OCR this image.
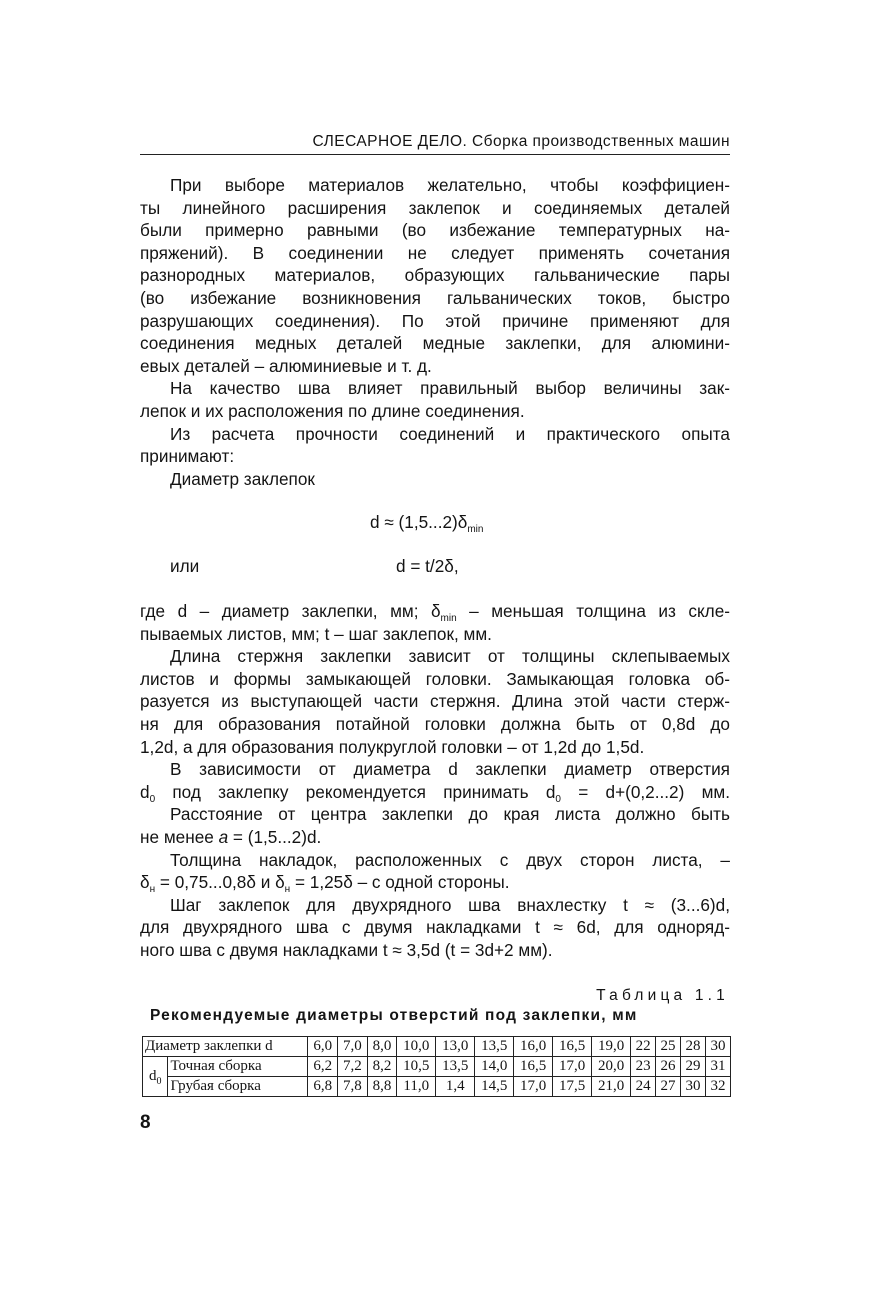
СЛЕСАРНОЕ ДЕЛО. Сборка производственных машин

При выборе материалов желательно, чтобы коэффициен-

ты линейного расширения заклепок и соединяемых деталей

были примерно равными (во избежание температурных на-

пряжений). В соединении не следует применять сочетания

разнородных материалов, образующих гальванические пары

(во избежание возникновения гальванических токов, быстро

разрушающих соединения). По этой причине применяют для

соединения медных деталей медные заклепки, для алюмини-

евых деталей – алюминиевые и т. д.

На качество шва влияет правильный выбор величины зак-

лепок и их расположения по длине соединения.

Из расчета прочности соединений и практического опыта

принимают:

Диаметр заклепок

$d \approx (1,5...2)\delta_{min}$
или	d = t/2δ,

где d – диаметр заклепки, мм; $\delta_{min}$ – меньшая толщина из скле-

пываемых листов, мм; t – шаг заклепок, мм.

Длина стержня заклепки зависит от толщины склепываемых

листов и формы замыкающей головки. Замыкающая головка об-

разуется из выступающей части стержня. Длина этой части стерж-

ня для образования потайной головки должна быть от 0,8d до

1,2d, а для образования полукруглой головки – от 1,2d до 1,5d.

В зависимости от диаметра d заклепки диаметр отверстия

$d_0$ под заклепку рекомендуется принимать $d_0 = d+(0,2...2)$ мм.

Расстояние от центра заклепки до края листа должно быть

не менее a = (1,5...2)d.

Толщина накладок, расположенных с двух сторон листа, –

$\delta_н = 0,75...0,8\delta$ и $\delta_н = 1,25\delta - с$ одной стороны.

Шаг заклепок для двухрядного шва внахлестку t ≈ (3...6)d,

для двухрядного шва с двумя накладками t ≈ 6d, для одноряд-

ного шва с двумя накладками t ≈ 3,5d (t = 3d+2 мм).

Таблица 1.1
Рекомендуемые диаметры отверстий под заклепки, мм
Диаметр заклепки d		6,0	7,0	8,0	10,0	13,0	13,5	16,0	16,5	19,0	22	25	28	30
$d_0$	Точная сборка	6,2	7,2	8,2	10,5	13,5	14,0	16,5	17,0	20,0	23	26	29	31
	Грубая сборка	6,8	7,8	8,8	11,0	1,4	14,5	17,0	17,5	21,0	24	27	30	32
8
